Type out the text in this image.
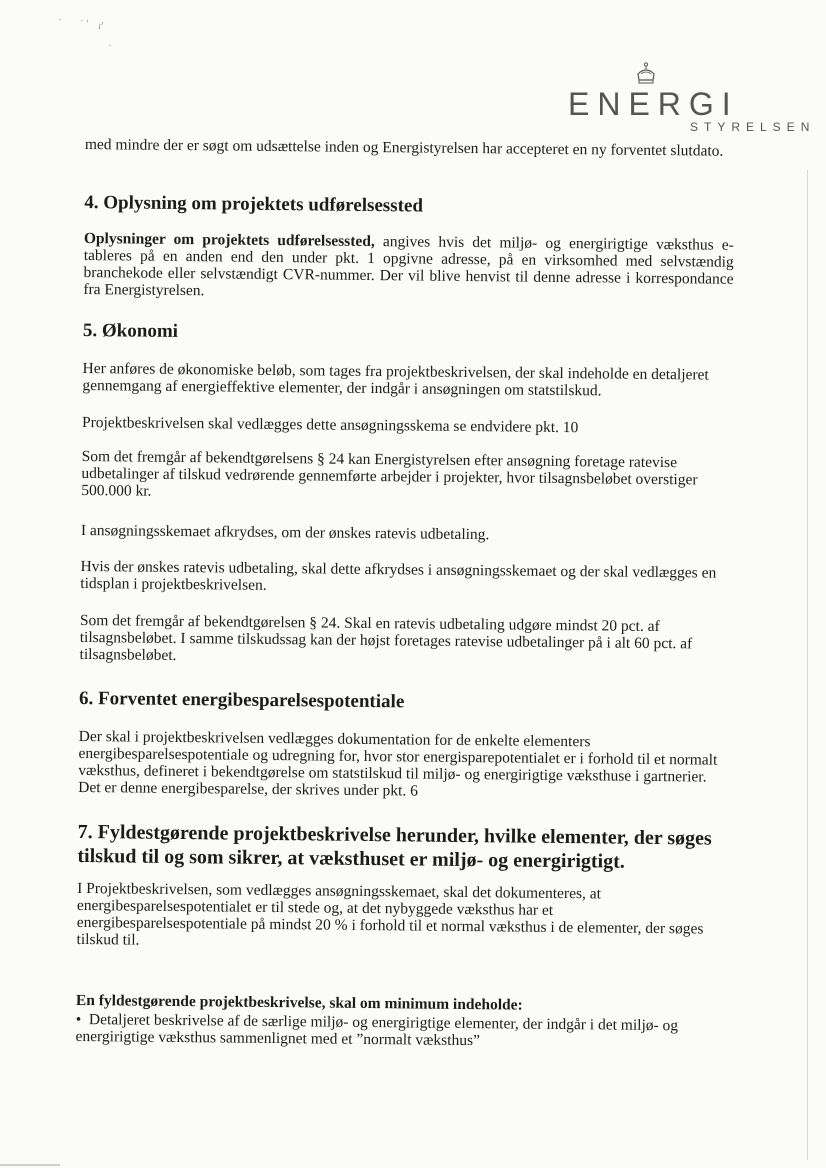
· ˙ ʹ ɾ'
·
ENERGI
STYRELSEN

med mindre der er søgt om udsættelse inden og Energistyrelsen har accepteret en ny forventet slutdato.

4. Oplysning om projektets udførelsessted

Oplysninger om projektets udførelsessted, angives hvis det miljø- og energirigtige væksthus e-tableres på en anden end den under pkt. 1 opgivne adresse, på en virksomhed med selvstændig branchekode eller selvstændigt CVR-nummer. Der vil blive henvist til denne adresse i korrespondance fra Energistyrelsen.

5. Økonomi

Her anføres de økonomiske beløb, som tages fra projektbeskrivelsen, der skal indeholde en detaljeret gennemgang af energieffektive elementer, der indgår i ansøgningen om statstilskud.

Projektbeskrivelsen skal vedlægges dette ansøgningsskema se endvidere pkt. 10

Som det fremgår af bekendtgørelsens § 24 kan Energistyrelsen efter ansøgning foretage ratevise udbetalinger af tilskud vedrørende gennemførte arbejder i projekter, hvor tilsagnsbeløbet overstiger 500.000 kr.

I ansøgningsskemaet afkrydses, om der ønskes ratevis udbetaling.

Hvis der ønskes ratevis udbetaling, skal dette afkrydses i ansøgningsskemaet og der skal vedlægges en tidsplan i projektbeskrivelsen.

Som det fremgår af bekendtgørelsen § 24. Skal en ratevis udbetaling udgøre mindst 20 pct. af tilsagnsbeløbet. I samme tilskudssag kan der højst foretages ratevise udbetalinger på i alt 60 pct. af tilsagnsbeløbet.

6. Forventet energibesparelsespotentiale

Der skal i projektbeskrivelsen vedlægges dokumentation for de enkelte elementers energibesparelsespotentiale og udregning for, hvor stor energisparepotentialet er i forhold til et normalt væksthus, defineret i bekendtgørelse om statstilskud til miljø- og energirigtige væksthuse i gartnerier. Det er denne energibesparelse, der skrives under pkt. 6

7. Fyldestgørende projektbeskrivelse herunder, hvilke elementer, der søges tilskud til og som sikrer, at væksthuset er miljø- og energirigtigt.

I Projektbeskrivelsen, som vedlægges ansøgningsskemaet, skal det dokumenteres, at energibesparelsespotentialet er til stede og, at det nybyggede væksthus har et energibesparelsespotentiale på mindst 20 % i forhold til et normal væksthus i de elementer, der søges tilskud til.

En fyldestgørende projektbeskrivelse, skal om minimum indeholde:

• Detaljeret beskrivelse af de særlige miljø- og energirigtige elementer, der indgår i det miljø- og energirigtige væksthus sammenlignet med et ”normalt væksthus”
